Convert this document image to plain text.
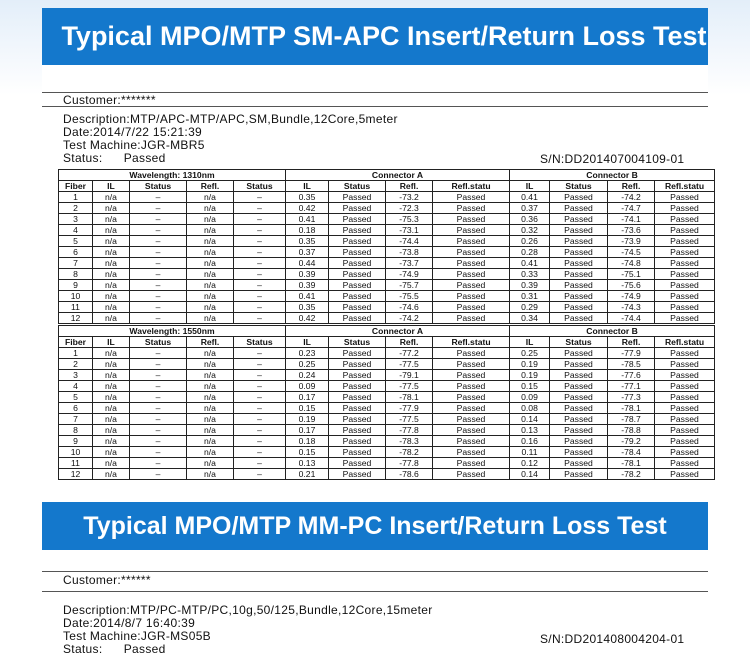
Typical MPO/MTP SM-APC Insert/Return Loss Test Report
Customer:*******
Description:MTP/APC-MTP/APC,SM,Bundle,12Core,5meter
Date:2014/7/22 15:21:39
Test Machine:JGR-MBR5
Status: Passed	S/N:DD201407004109-01
Wavelength: 1310nm					Connector A				Connector B			
Fiber	IL	Status	Refl.	Status	IL	Status	Refl.	Refl.statu	IL	Status	Refl.	Refl.statu
1	n/a	–	n/a	–	0.35	Passed	-73.2	Passed	0.41	Passed	-74.2	Passed
2	n/a	–	n/a	–	0.42	Passed	-72.3	Passed	0.37	Passed	-74.7	Passed
3	n/a	–	n/a	–	0.41	Passed	-75.3	Passed	0.36	Passed	-74.1	Passed
4	n/a	–	n/a	–	0.18	Passed	-73.1	Passed	0.32	Passed	-73.6	Passed
5	n/a	–	n/a	–	0.35	Passed	-74.4	Passed	0.26	Passed	-73.9	Passed
6	n/a	–	n/a	–	0.37	Passed	-73.8	Passed	0.28	Passed	-74.5	Passed
7	n/a	–	n/a	–	0.44	Passed	-73.7	Passed	0.41	Passed	-74.8	Passed
8	n/a	–	n/a	–	0.39	Passed	-74.9	Passed	0.33	Passed	-75.1	Passed
9	n/a	–	n/a	–	0.39	Passed	-75.7	Passed	0.39	Passed	-75.6	Passed
10	n/a	–	n/a	–	0.41	Passed	-75.5	Passed	0.31	Passed	-74.9	Passed
11	n/a	–	n/a	–	0.35	Passed	-74.6	Passed	0.29	Passed	-74.3	Passed
12	n/a	–	n/a	–	0.42	Passed	-74.2	Passed	0.34	Passed	-74.4	Passed
Wavelength: 1550nm					Connector A				Connector B			
Fiber	IL	Status	Refl.	Status	IL	Status	Refl.	Refl.statu	IL	Status	Refl.	Refl.statu
1	n/a	–	n/a	–	0.23	Passed	-77.2	Passed	0.25	Passed	-77.9	Passed
2	n/a	–	n/a	–	0.25	Passed	-77.5	Passed	0.19	Passed	-78.5	Passed
3	n/a	–	n/a	–	0.24	Passed	-79.1	Passed	0.19	Passed	-77.6	Passed
4	n/a	–	n/a	–	0.09	Passed	-77.5	Passed	0.15	Passed	-77.1	Passed
5	n/a	–	n/a	–	0.17	Passed	-78.1	Passed	0.09	Passed	-77.3	Passed
6	n/a	–	n/a	–	0.15	Passed	-77.9	Passed	0.08	Passed	-78.1	Passed
7	n/a	–	n/a	–	0.19	Passed	-77.5	Passed	0.14	Passed	-78.7	Passed
8	n/a	–	n/a	–	0.17	Passed	-77.8	Passed	0.13	Passed	-78.8	Passed
9	n/a	–	n/a	–	0.18	Passed	-78.3	Passed	0.16	Passed	-79.2	Passed
10	n/a	–	n/a	–	0.15	Passed	-78.2	Passed	0.11	Passed	-78.4	Passed
11	n/a	–	n/a	–	0.13	Passed	-77.8	Passed	0.12	Passed	-78.1	Passed
12	n/a	–	n/a	–	0.21	Passed	-78.6	Passed	0.14	Passed	-78.2	Passed
Typical MPO/MTP MM-PC Insert/Return Loss Test Report
Customer:******
Description:MTP/PC-MTP/PC,10g,50/125,Bundle,12Core,15meter
Date:2014/8/7 16:40:39
Test Machine:JGR-MS05B
Status: Passed
S/N:DD201408004204-01
